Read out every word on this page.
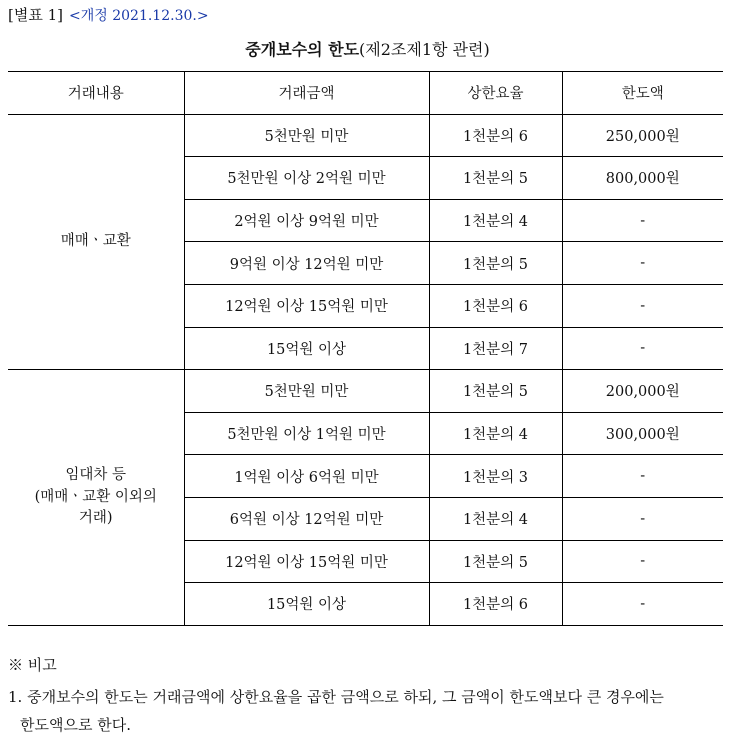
[별표 1] <개정 2021.12.30.>
중개보수의 한도(제2조제1항 관련)
거래내용	거래금액	상한요율	한도액
매매ㆍ교환	5천만원 미만	1천분의 6	250,000원
	5천만원 이상 2억원 미만	1천분의 5	800,000원
	2억원 이상 9억원 미만	1천분의 4	-
	9억원 이상 12억원 미만	1천분의 5	-
	12억원 이상 15억원 미만	1천분의 6	-
	15억원 이상	1천분의 7	-
임대차 등
(매매ㆍ교환 이외의
거래)	5천만원 미만	1천분의 5	200,000원
	5천만원 이상 1억원 미만	1천분의 4	300,000원
	1억원 이상 6억원 미만	1천분의 3	-
	6억원 이상 12억원 미만	1천분의 4	-
	12억원 이상 15억원 미만	1천분의 5	-
	15억원 이상	1천분의 6	-

※ 비고

1. 중개보수의 한도는 거래금액에 상한요율을 곱한 금액으로 하되, 그 금액이 한도액보다 큰 경우에는
한도액으로 한다.
